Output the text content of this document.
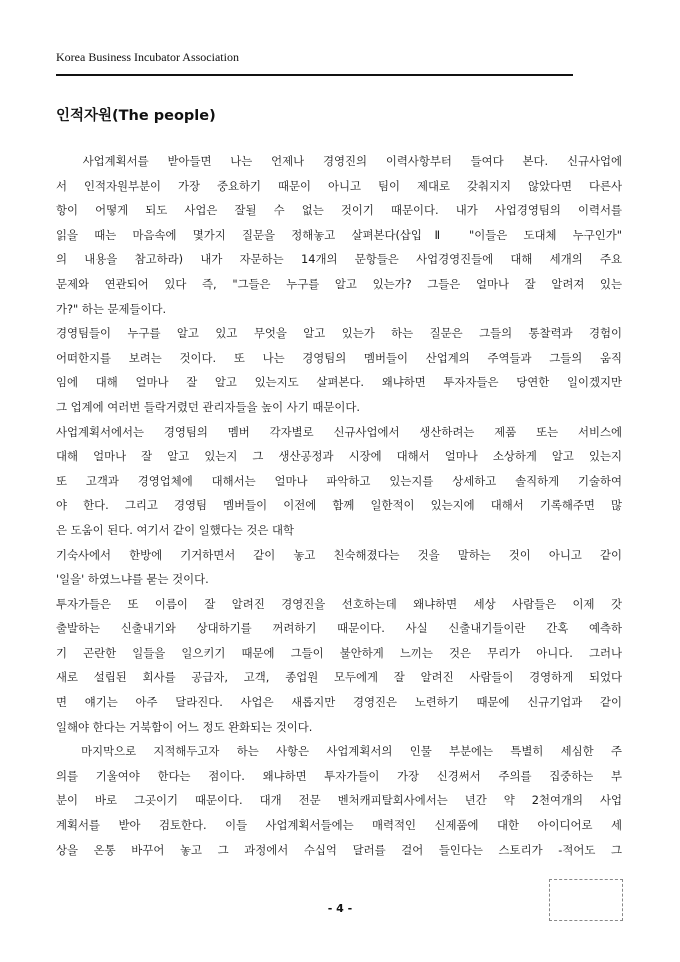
Korea Business Incubator Association
인적자원(The people)

　사업계획서를 받아들면 나는 언제나 경영진의 이력사항부터 들여다 본다. 신규사업에

서 인적자원부분이 가장 중요하기 때문이 아니고 팀이 제대로 갖춰지지 않았다면 다른사

항이 어떻게 되도 사업은 잘될 수 없는 것이기 때문이다. 내가 사업경영팀의 이력서를

읽을 때는 마음속에 몇가지 질문을 정해놓고 살펴본다(삽입Ⅱ "이들은 도대체 누구인가"

의 내용을 참고하라) 내가 자문하는 14개의 문항들은 사업경영진들에 대해 세개의 주요

문제와 연관되어 있다 즉, "그들은 누구를 알고 있는가? 그들은 얼마나 잘 알려져 있는

가?" 하는 문제들이다.

경영팀들이 누구를 알고 있고 무엇을 알고 있는가 하는 질문은 그들의 통찰력과 경험이

어떠한지를 보려는 것이다. 또 나는 경영팀의 멤버들이 산업계의 주역들과 그들의 움직

임에 대해 얼마나 잘 알고 있는지도 살펴본다. 왜냐하면 투자자들은 당연한 일이겠지만

그 업계에 여러번 들락거렸던 관리자들을 높이 사기 때문이다.

사업계획서에서는 경영팀의 멤버 각자별로 신규사업에서 생산하려는 제품 또는 서비스에

대해 얼마나 잘 알고 있는지 그 생산공정과 시장에 대해서 얼마나 소상하게 알고 있는지

또 고객과 경영업체에 대해서는 얼마나 파악하고 있는지를 상세하고 솔직하게 기술하여

야 한다. 그리고 경영팀 멤버들이 이전에 함께 일한적이 있는지에 대해서 기록해주면 많

은 도움이 된다. 여기서 같이 일했다는 것은 대학

기숙사에서 한방에 기거하면서 같이 놓고 친숙해졌다는 것을 말하는 것이 아니고 같이

'일을' 하였느냐를 묻는 것이다.

투자가들은 또 이름이 잘 알려진 경영진을 선호하는데 왜냐하면 세상 사람들은 이제 갓

출발하는 신출내기와 상대하기를 꺼려하기 때문이다. 사실 신출내기들이란 간혹 예측하

기 곤란한 일들을 일으키기 때문에 그들이 불안하게 느끼는 것은 무리가 아니다. 그러나

새로 설립된 회사를 공급자, 고객, 종업원 모두에게 잘 알려진 사람들이 경영하게 되었다

면 얘기는 아주 달라진다. 사업은 새롭지만 경영진은 노련하기 때문에 신규기업과 같이

일해야 한다는 거북함이 어느 정도 완화되는 것이다.

　마지막으로 지적해두고자 하는 사항은 사업계획서의 인물 부분에는 특별히 세심한 주

의를 기울여야 한다는 점이다. 왜냐하면 투자가들이 가장 신경써서 주의를 집중하는 부

분이 바로 그곳이기 때문이다. 대개 전문 벤처캐피탈회사에서는 년간 약 2천여개의 사업

계획서를 받아 검토한다. 이들 사업계획서들에는 매력적인 신제품에 대한 아이디어로 세

상을 온통 바꾸어 놓고 그 과정에서 수십억 달러를 걸어 들인다는 스토리가 -적어도 그

- 4 -
